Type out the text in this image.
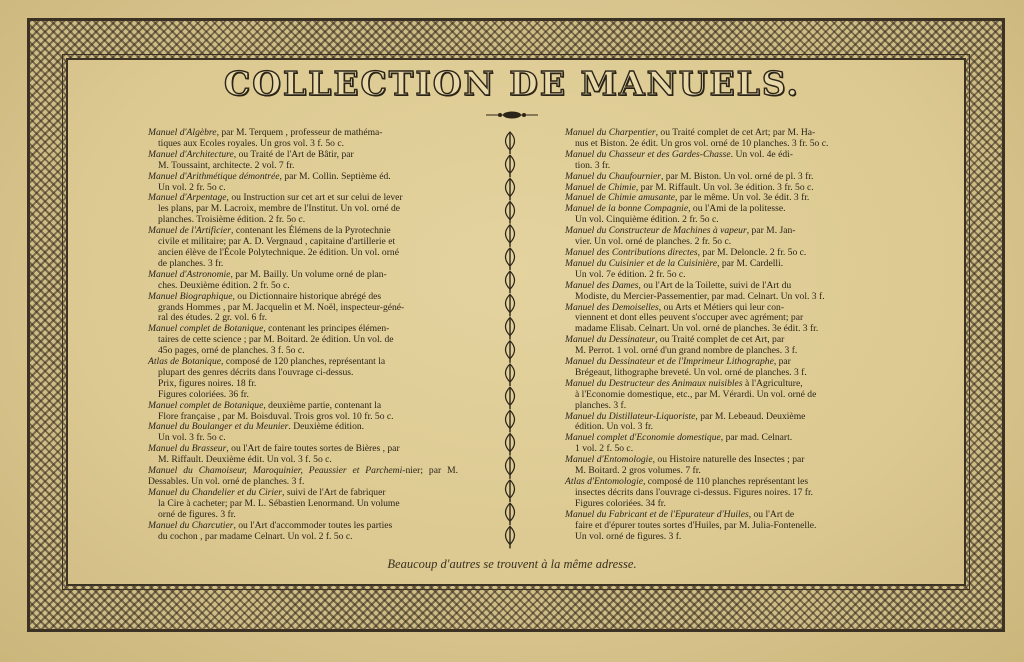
COLLECTION DE MANUELS.
Manuel d'Algèbre, par M. Terquem , professeur de mathéma-
tiques aux Ecoles royales. Un gros vol. 3 f. 5o c.
Manuel d'Architecture, ou Traité de l'Art de Bâtir, par
M. Toussaint, architecte. 2 vol. 7 fr.
Manuel d'Arithmétique démontrée, par M. Collin. Septième éd.
Un vol. 2 fr. 5o c.
Manuel d'Arpentage, ou Instruction sur cet art et sur celui de lever
les plans, par M. Lacroix, membre de l'Institut. Un vol. orné de
planches. Troisième édition. 2 fr. 5o c.
Manuel de l'Artificier, contenant les Élémens de la Pyrotechnie
civile et militaire; par A. D. Vergnaud , capitaine d'artillerie et
ancien élève de l'École Polytechnique. 2e édition. Un vol. orné
de planches. 3 fr.
Manuel d'Astronomie, par M. Bailly. Un volume orné de plan-
ches. Deuxième édition. 2 fr. 5o c.
Manuel Biographique, ou Dictionnaire historique abrégé des
grands Hommes , par M. Jacquelin et M. Noël, inspecteur-géné-
ral des études. 2 gr. vol. 6 fr.
Manuel complet de Botanique, contenant les principes élémen-
taires de cette science ; par M. Boitard. 2e édition. Un vol. de
45o pages, orné de planches. 3 f. 5o c.
Atlas de Botanique, composé de 120 planches, représentant la
plupart des genres décrits dans l'ouvrage ci-dessus.
Prix, figures noires. 18 fr.
Figures coloriées. 36 fr.
Manuel complet de Botanique, deuxième partie, contenant la
Flore française , par M. Boisduval. Trois gros vol. 10 fr. 5o c.
Manuel du Boulanger et du Meunier. Deuxième édition.
Un vol. 3 fr. 5o c.
Manuel du Brasseur, ou l'Art de faire toutes sortes de Bières , par
M. Riffault. Deuxième édit. Un vol. 3 f. 5o c.
Manuel du Chamoiseur, Maroquinier, Peaussier et Parchemi-nier; par M. Dessables. Un vol. orné de planches. 3 f.
Manuel du Chandelier et du Cirier, suivi de l'Art de fabriquer
la Cire à cacheter; par M. L. Sébastien Lenormand. Un volume
orné de figures. 3 fr.
Manuel du Charcutier, ou l'Art d'accommoder toutes les parties
du cochon , par madame Celnart. Un vol. 2 f. 5o c.
Manuel du Charpentier, ou Traité complet de cet Art; par M. Ha-
nus et Biston. 2e édit. Un gros vol. orné de 10 planches. 3 fr. 5o c.
Manuel du Chasseur et des Gardes-Chasse. Un vol. 4e édi-
tion. 3 fr.
Manuel du Chaufournier, par M. Biston. Un vol. orné de pl. 3 fr.
Manuel de Chimie, par M. Riffault. Un vol. 3e édition. 3 fr. 5o c.
Manuel de Chimie amusante, par le même. Un vol. 3e édit. 3 fr.
Manuel de la bonne Compagnie, ou l'Ami de la politesse.
Un vol. Cinquième édition. 2 fr. 5o c.
Manuel du Constructeur de Machines à vapeur, par M. Jan-
vier. Un vol. orné de planches. 2 fr. 5o c.
Manuel des Contributions directes, par M. Deloncle. 2 fr. 5o c.
Manuel du Cuisinier et de la Cuisinière, par M. Cardelli.
Un vol. 7e édition. 2 fr. 5o c.
Manuel des Dames, ou l'Art de la Toilette, suivi de l'Art du
Modiste, du Mercier-Passementier, par mad. Celnart. Un vol. 3 f.
Manuel des Demoiselles, ou Arts et Métiers qui leur con-
viennent et dont elles peuvent s'occuper avec agrément; par
madame Elisab. Celnart. Un vol. orné de planches. 3e édit. 3 fr.
Manuel du Dessinateur, ou Traité complet de cet Art, par
M. Perrot. 1 vol. orné d'un grand nombre de planches. 3 f.
Manuel du Dessinateur et de l'Imprimeur Lithographe, par
Brégeaut, lithographe breveté. Un vol. orné de planches. 3 f.
Manuel du Destructeur des Animaux nuisibles à l'Agriculture,
à l'Economie domestique, etc., par M. Vérardi. Un vol. orné de
planches. 3 f.
Manuel du Distillateur-Liquoriste, par M. Lebeaud. Deuxième
édition. Un vol. 3 fr.
Manuel complet d'Economie domestique, par mad. Celnart.
1 vol. 2 f. 5o c.
Manuel d'Entomologie, ou Histoire naturelle des Insectes ; par
M. Boitard. 2 gros volumes. 7 fr.
Atlas d'Entomologie, composé de 110 planches représentant les
insectes décrits dans l'ouvrage ci-dessus. Figures noires. 17 fr.
Figures coloriées. 34 fr.
Manuel du Fabricant et de l'Epurateur d'Huiles, ou l'Art de
faire et d'épurer toutes sortes d'Huiles, par M. Julia-Fontenelle.
Un vol. orné de figures. 3 f.
Beaucoup d'autres se trouvent à la même adresse.
